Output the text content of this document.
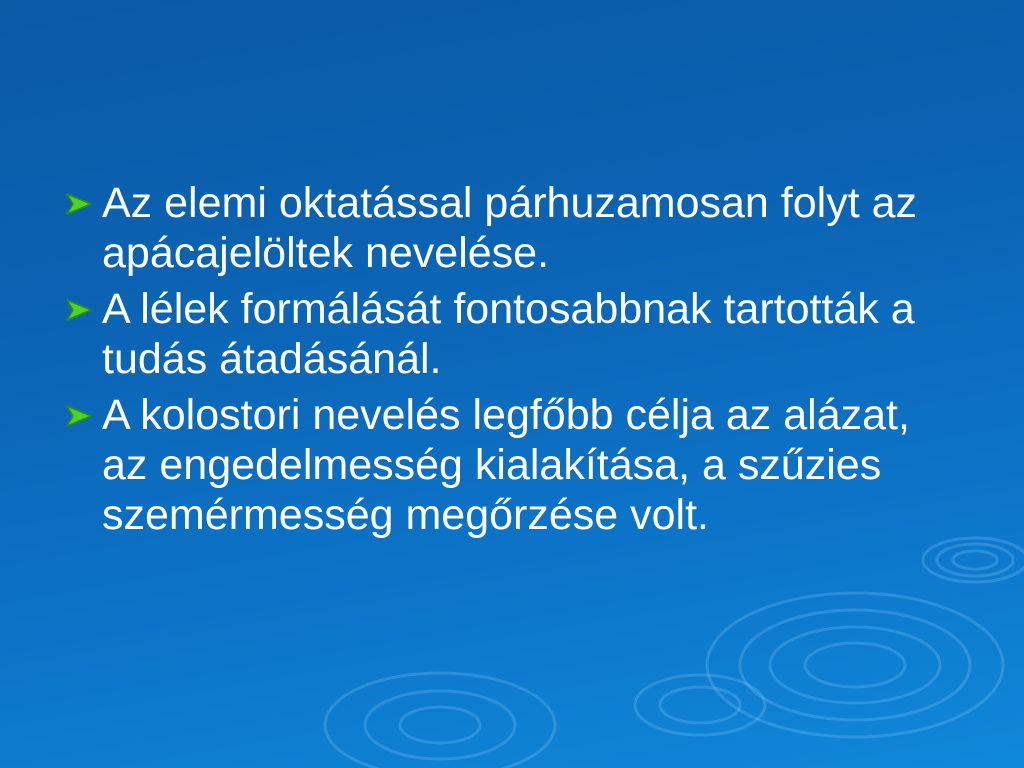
Az elemi oktatással párhuzamosan folyt az apácajelöltek nevelése.
A lélek formálását fontosabbnak tartották a tudás átadásánál.
A kolostori nevelés legfőbb célja az alázat, az engedelmesség kialakítása, a szűzies szemérmesség megőrzése volt.
